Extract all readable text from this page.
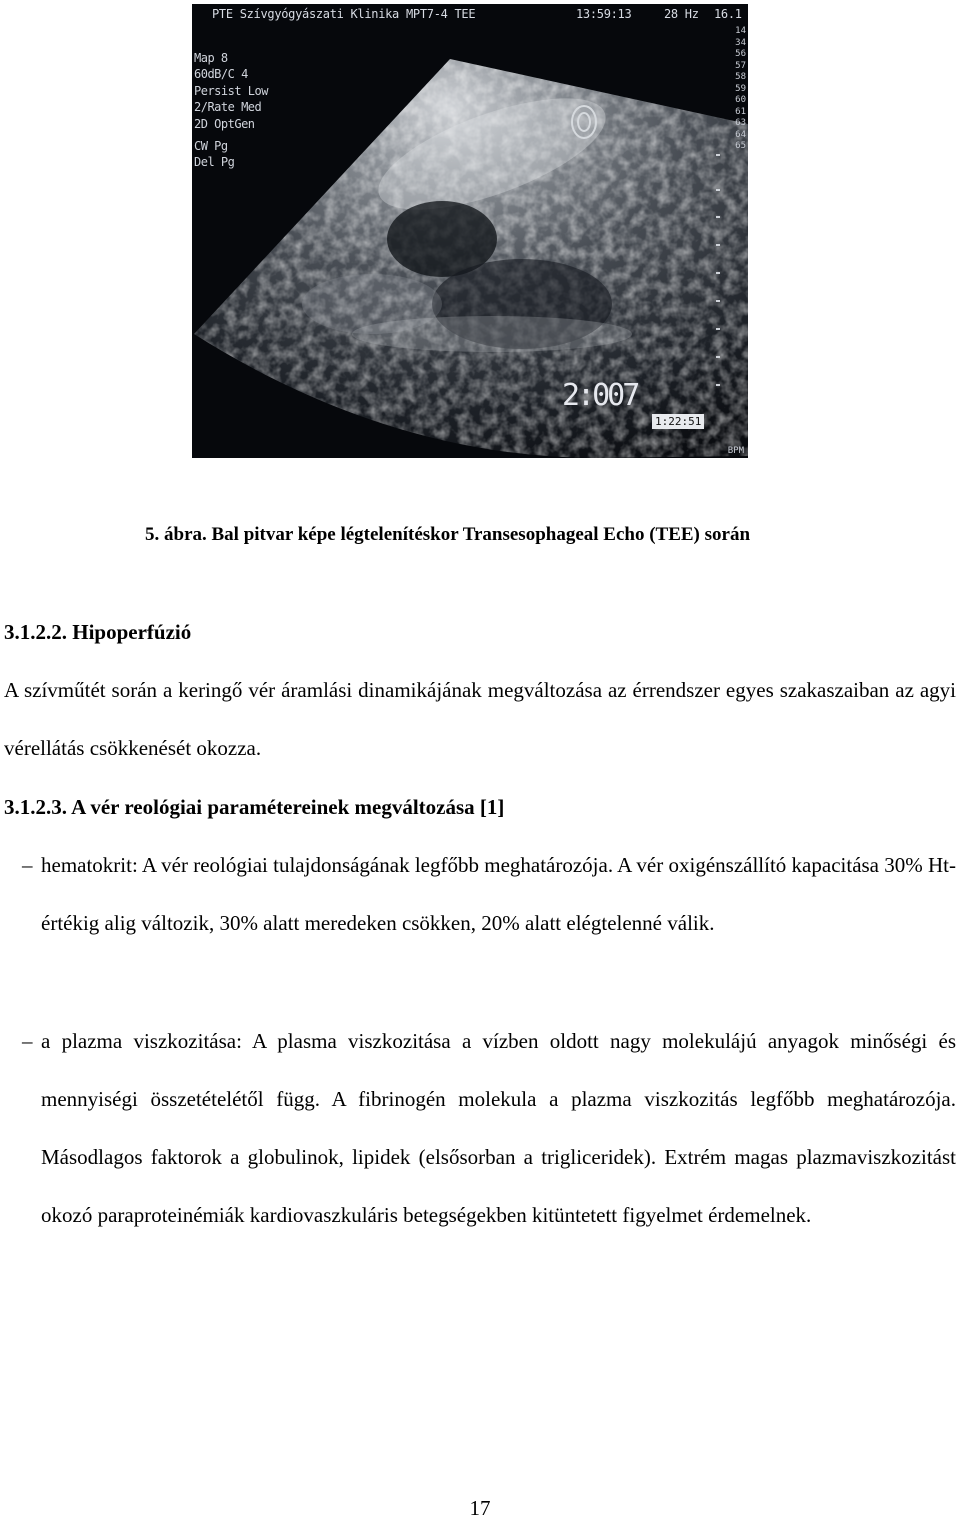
PTE Szívgyógyászati Klinika MPT7-4 TEE	13:59:13	28 Hz 16.1
Map 8
60dB/C 4
Persist Low
2/Rate Med
2D OptGen
CW Pg
Del Pg
14
34
56
57
58
59
60
61
63
64
65
2:007
1:22:51
BPM
5. ábra. Bal pitvar képe légtelenítéskor Transesophageal Echo (TEE) során
3.1.2.2. Hipoperfúzió
A szívműtét során a keringő vér áramlási dinamikájának megváltozása az érrendszer egyes szakaszaiban az agyi vérellátás csökkenését okozza.
3.1.2.3. A vér reológiai paramétereinek megváltozása [1]
– hematokrit: A vér reológiai tulajdonságának legfőbb meghatározója. A vér oxigénszállító kapacitása 30% Ht-értékig alig változik, 30% alatt meredeken csökken, 20% alatt elégtelenné válik.
– a plazma viszkozitása: A plasma viszkozitása a vízben oldott nagy molekulájú anyagok minőségi és mennyiségi összetételétől függ. A fibrinogén molekula a plazma viszkozitás legfőbb meghatározója. Másodlagos faktorok a globulinok, lipidek (elsősorban a trigliceridek). Extrém magas plazmaviszkozitást okozó paraproteinémiák kardiovaszkuláris betegségekben kitüntetett figyelmet érdemelnek.
17
